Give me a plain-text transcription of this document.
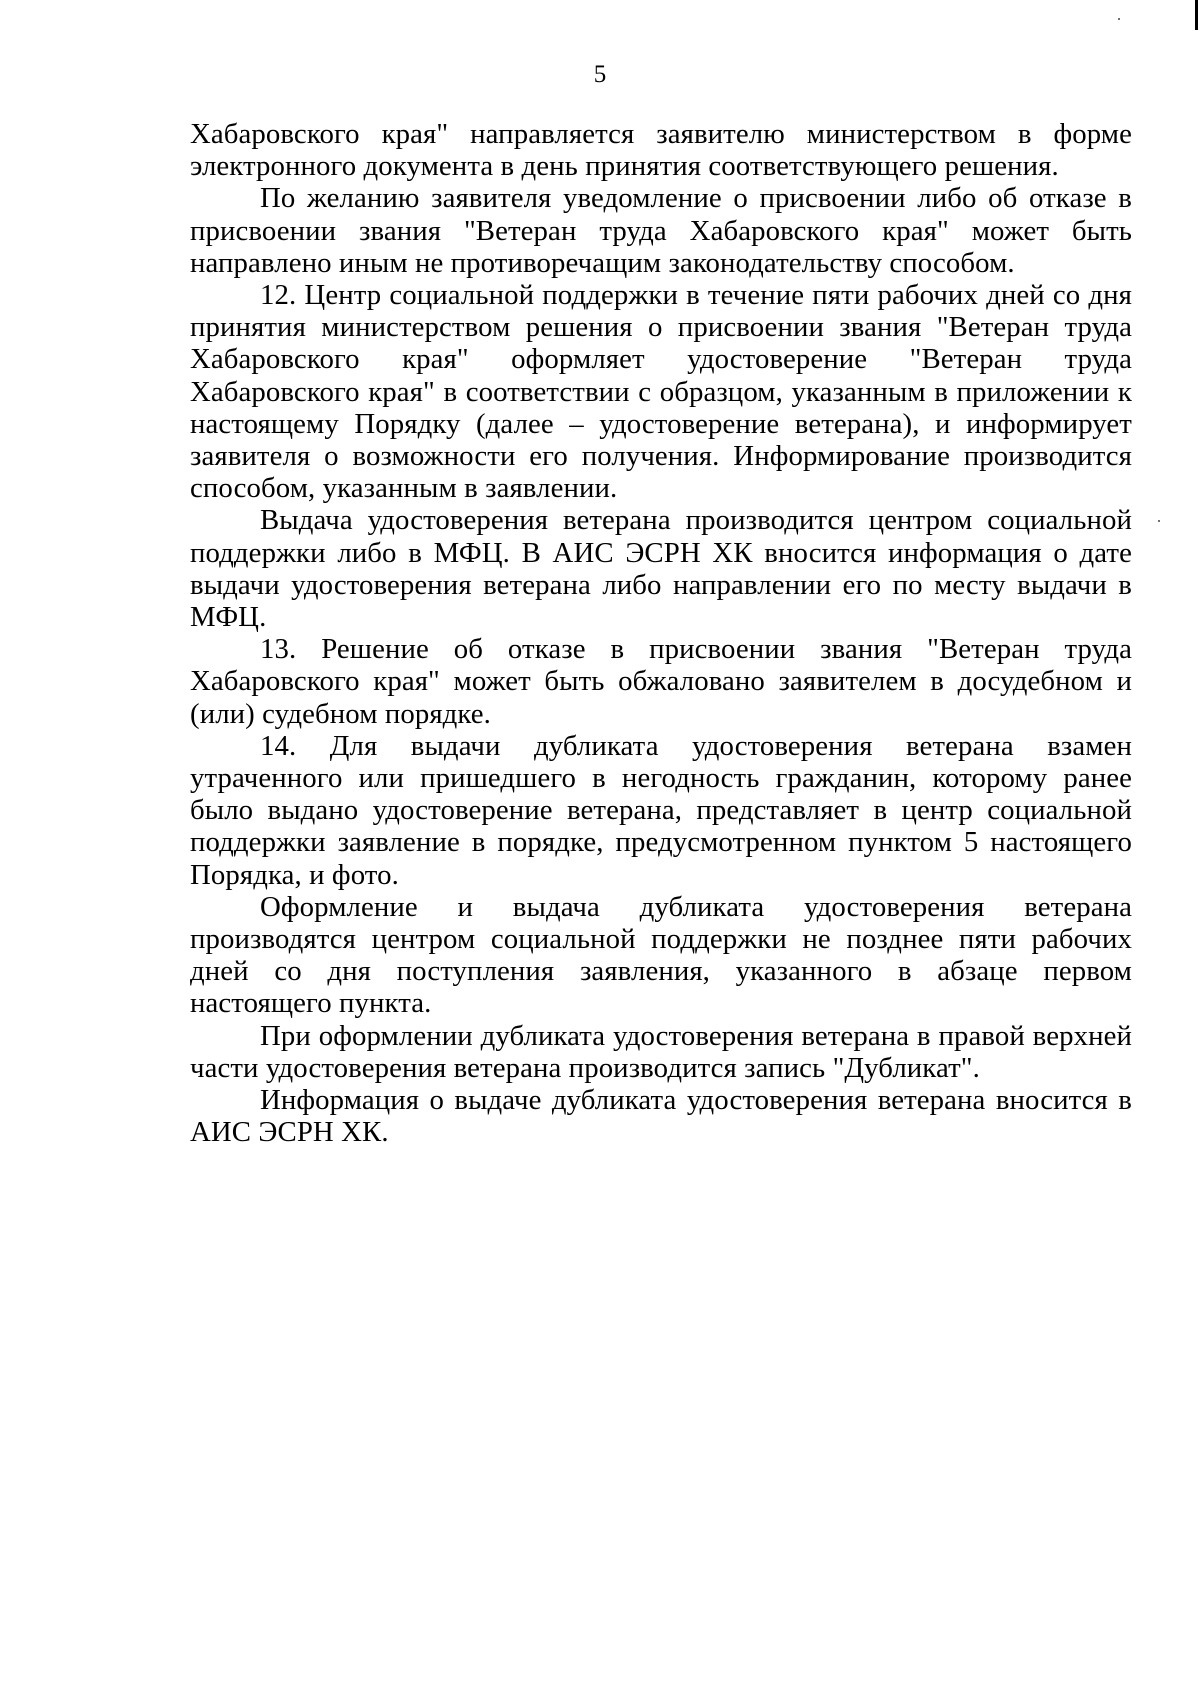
5

Хабаровского края" направляется заявителю министерством в форме электронного документа в день принятия соответствующего решения.

По желанию заявителя уведомление о присвоении либо об отказе в присвоении звания "Ветеран труда Хабаровского края" может быть направлено иным не противоречащим законодательству способом.

12. Центр социальной поддержки в течение пяти рабочих дней со дня принятия министерством решения о присвоении звания "Ветеран труда Хабаровского края" оформляет удостоверение "Ветеран труда Хабаровского края" в соответствии с образцом, указанным в приложении к настоящему Порядку (далее – удостоверение ветерана), и информирует заявителя о возможности его получения. Информирование производится способом, указанным в заявлении.

Выдача удостоверения ветерана производится центром социальной поддержки либо в МФЦ. В АИС ЭСРН ХК вносится информация о дате выдачи удостоверения ветерана либо направлении его по месту выдачи в МФЦ.

13. Решение об отказе в присвоении звания "Ветеран труда Хабаровского края" может быть обжаловано заявителем в досудебном и (или) судебном порядке.

14. Для выдачи дубликата удостоверения ветерана взамен утраченного или пришедшего в негодность гражданин, которому ранее было выдано удостоверение ветерана, представляет в центр социальной поддержки заявление в порядке, предусмотренном пунктом 5 настоящего Порядка, и фото.

Оформление и выдача дубликата удостоверения ветерана производятся центром социальной поддержки не позднее пяти рабочих дней со дня поступления заявления, указанного в абзаце первом настоящего пункта.

При оформлении дубликата удостоверения ветерана в правой верхней части удостоверения ветерана производится запись "Дубликат".

Информация о выдаче дубликата удостоверения ветерана вносится в АИС ЭСРН ХК.
